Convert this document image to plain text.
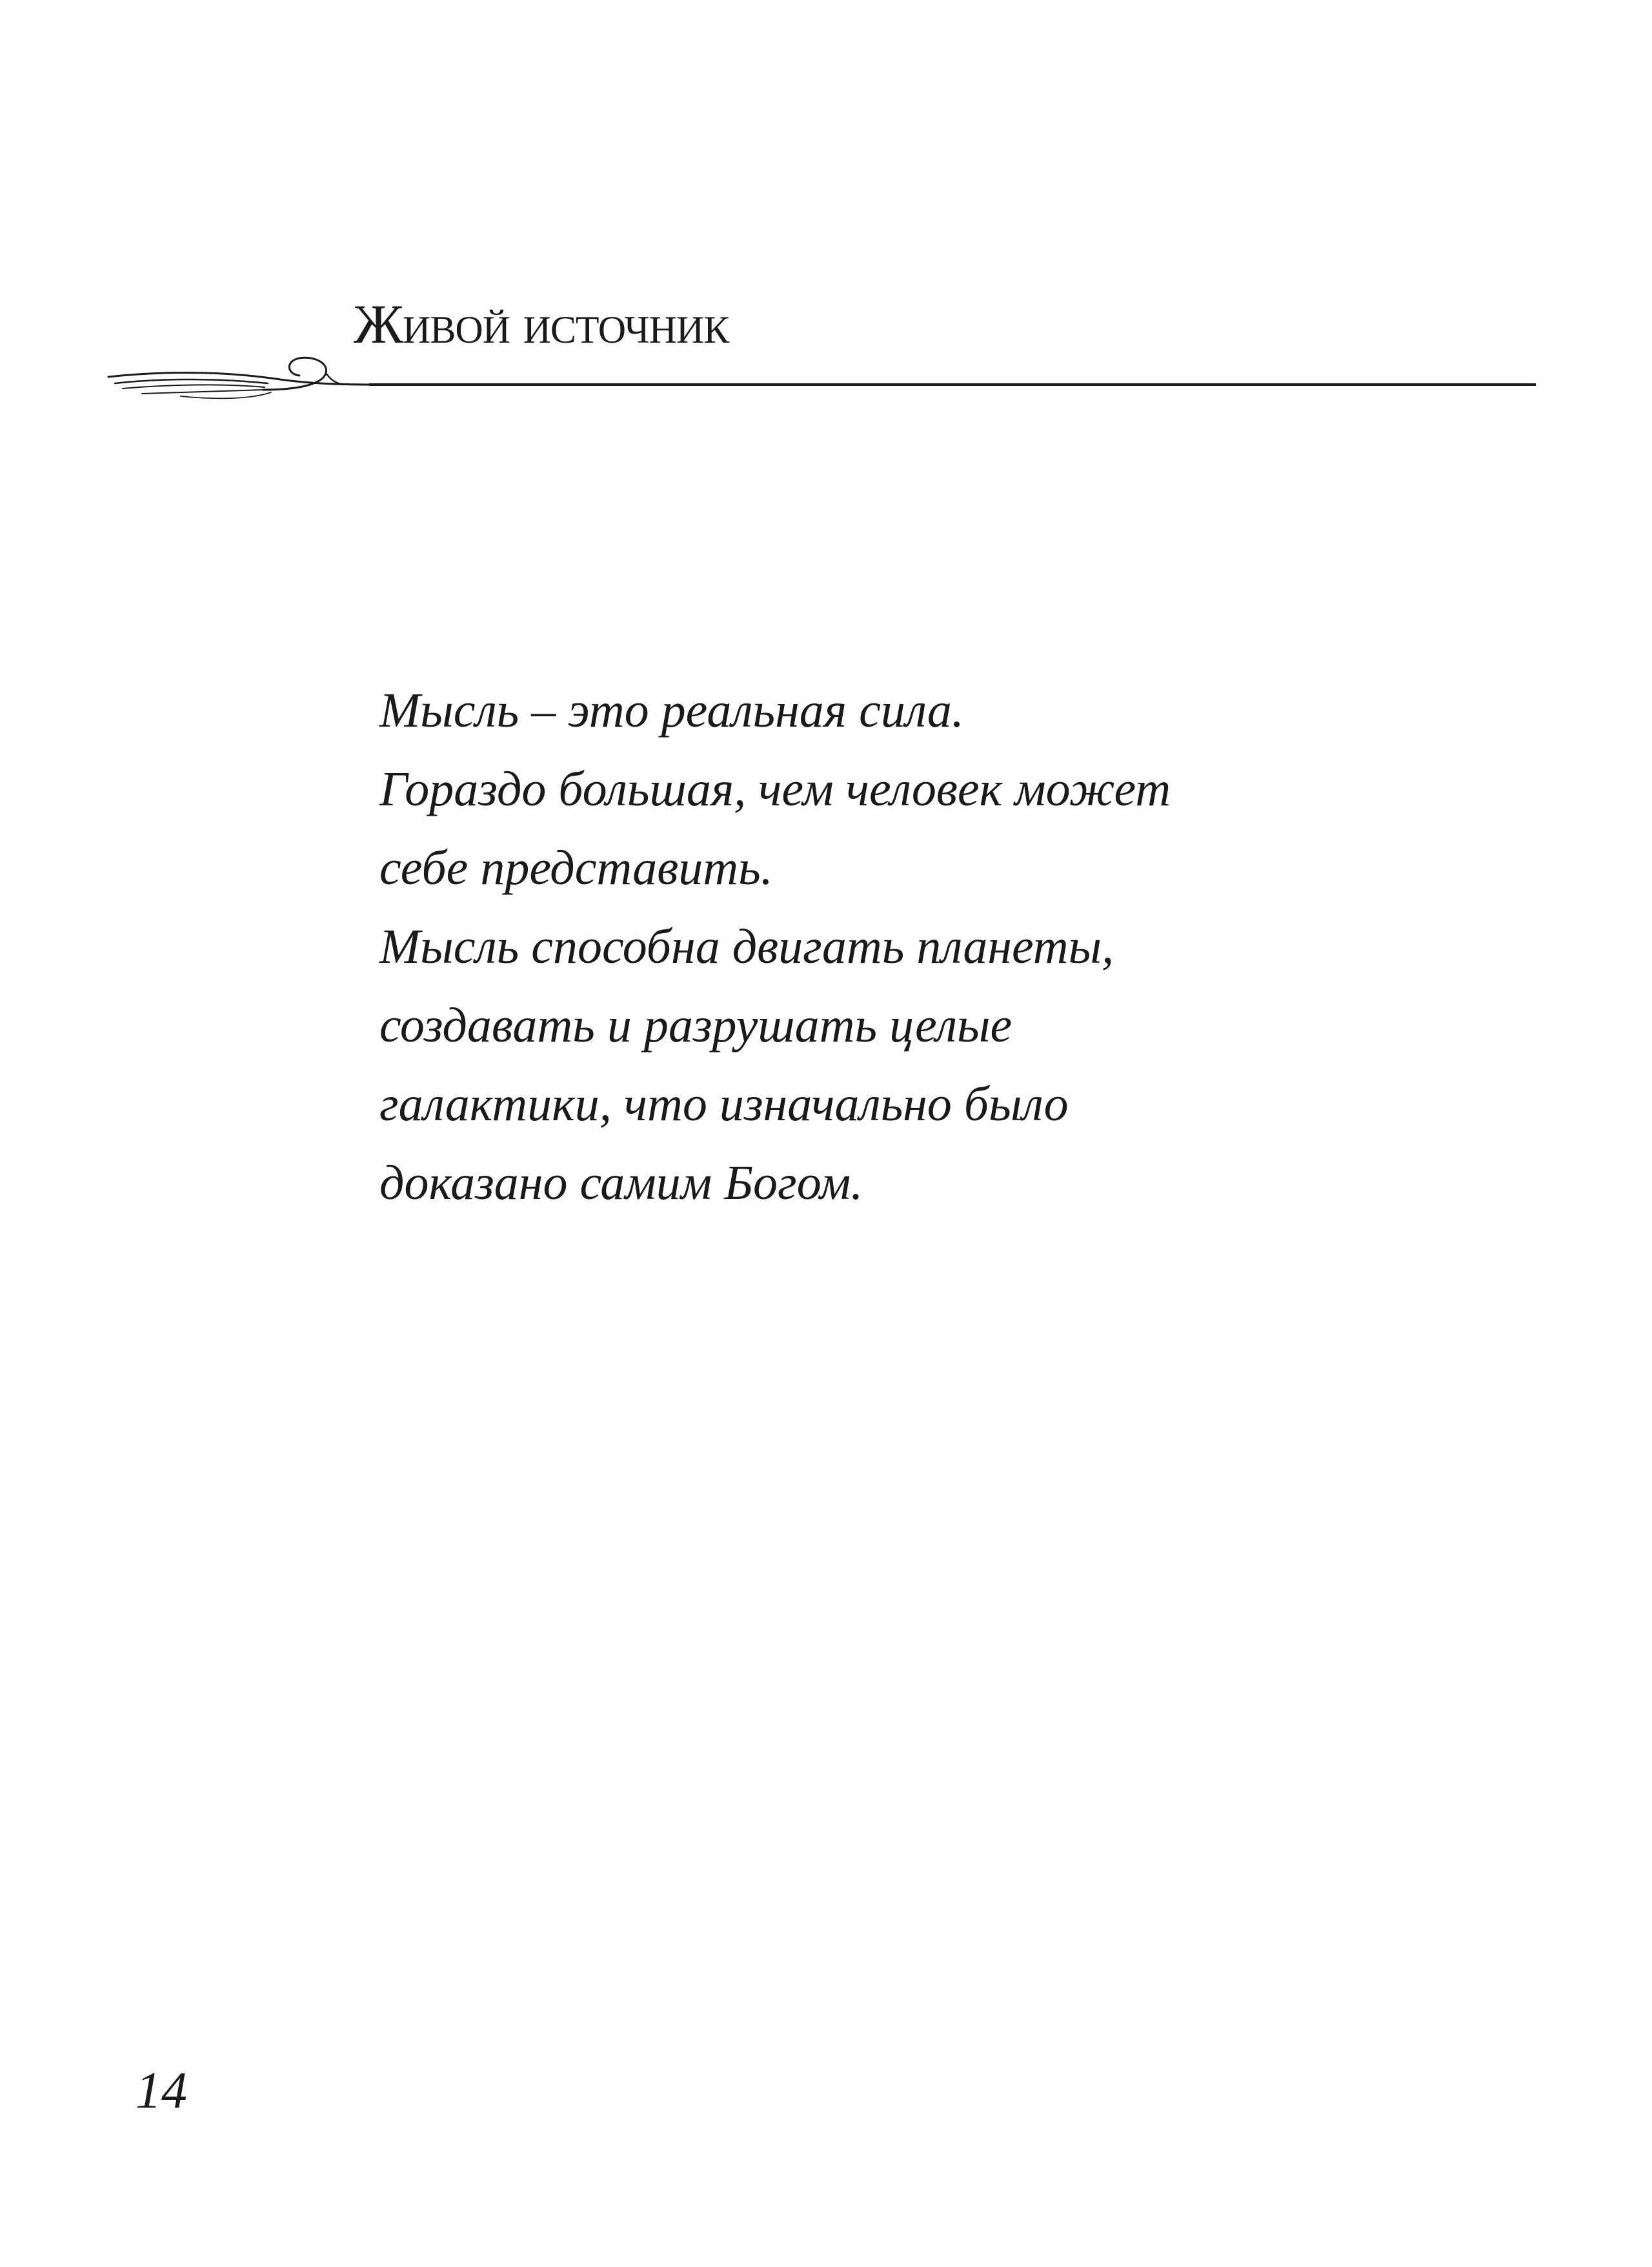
Живой источник
Мысль – это реальная сила.
Гораздо большая, чем человек может
себе представить.
Мысль способна двигать планеты,
создавать и разрушать целые
галактики, что изначально было
доказано самим Богом.
14
